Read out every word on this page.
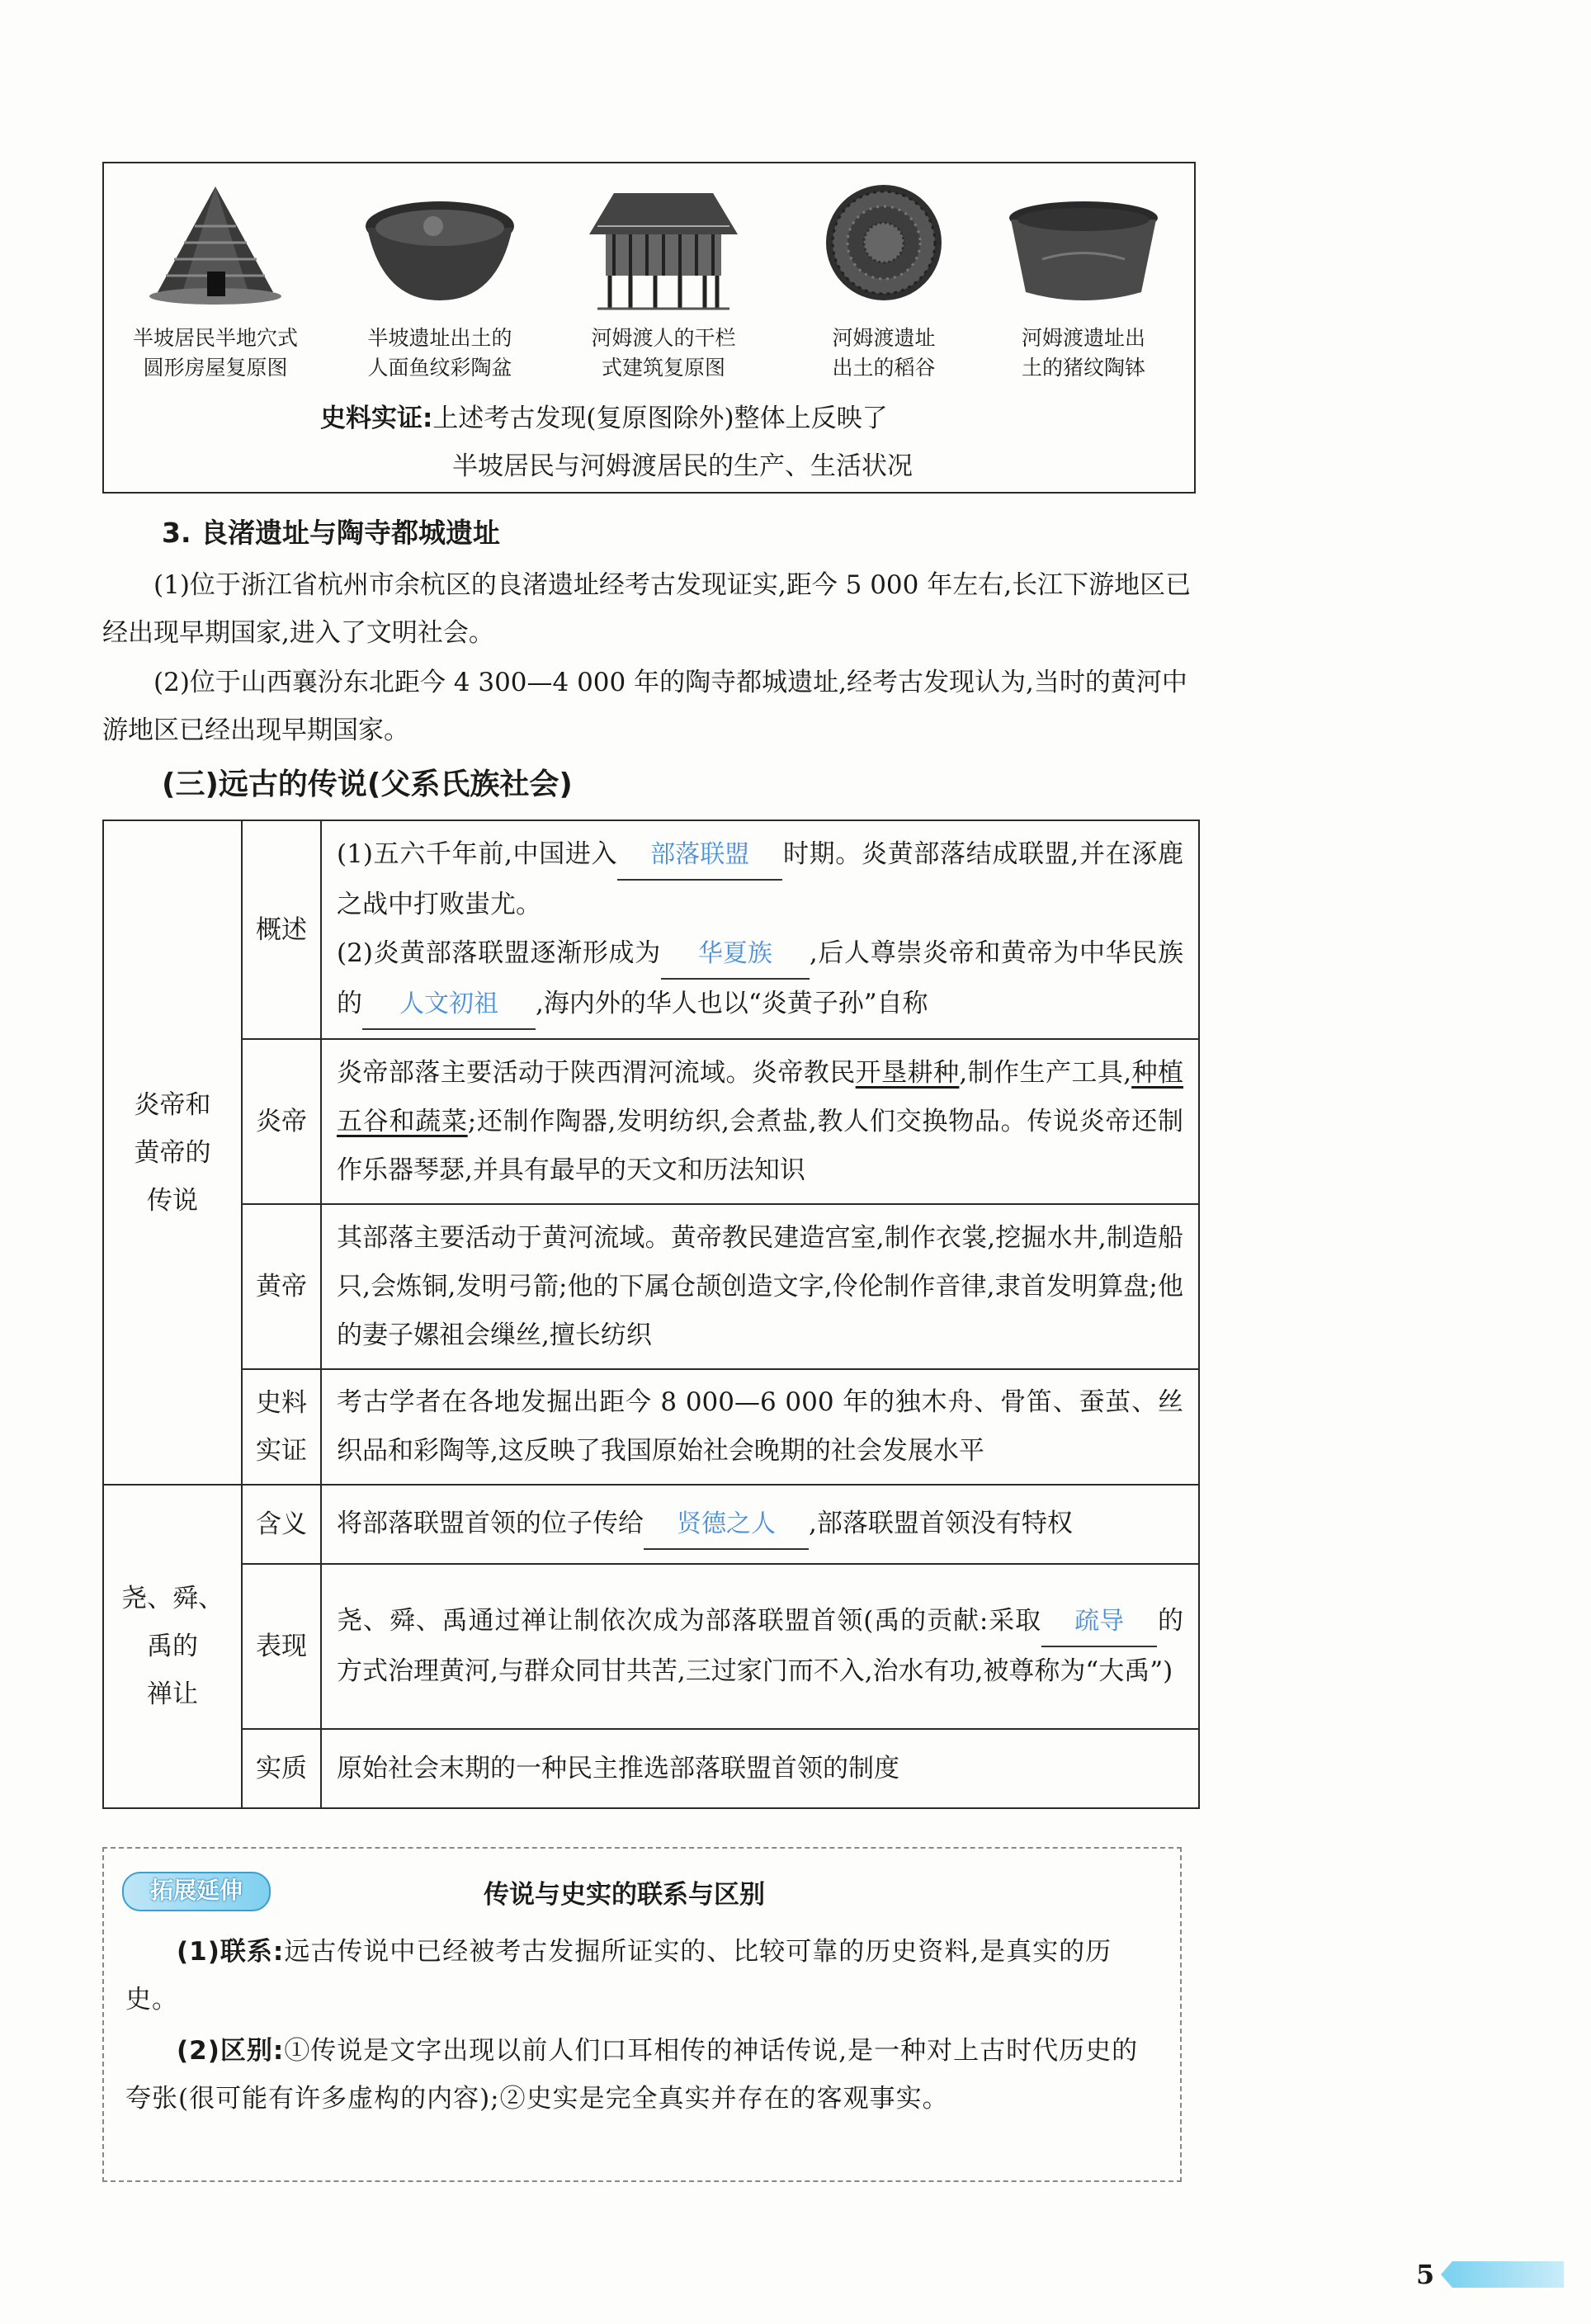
半坡居民半地穴式
圆形房屋复原图
半坡遗址出土的
人面鱼纹彩陶盆
河姆渡人的干栏
式建筑复原图
河姆渡遗址
出土的稻谷
河姆渡遗址出
土的猪纹陶钵
史料实证:上述考古发现(复原图除外)整体上反映了
半坡居民与河姆渡居民的生产、生活状况
3. 良渚遗址与陶寺都城遗址

(1)位于浙江省杭州市余杭区的良渚遗址经考古发现证实,距今 5 000 年左右,长江下游地区已经出现早期国家,进入了文明社会。

(2)位于山西襄汾东北距今 4 300—4 000 年的陶寺都城遗址,经考古发现认为,当时的黄河中游地区已经出现早期国家。

(三)远古的传说(父系氏族社会)
炎帝和
黄帝的
传说	概述	(1)五六千年前,中国进入 部落联盟 时期。炎黄部落结成联盟,并在涿鹿之战中打败蚩尤。
(2)炎黄部落联盟逐渐形成为 华夏族 ,后人尊崇炎帝和黄帝为中华民族的 人文初祖 ,海内外的华人也以“炎黄子孙”自称
	炎帝	炎帝部落主要活动于陕西渭河流域。炎帝教民开垦耕种,制作生产工具,种植五谷和蔬菜;还制作陶器,发明纺织,会煮盐,教人们交换物品。传说炎帝还制作乐器琴瑟,并具有最早的天文和历法知识
	黄帝	其部落主要活动于黄河流域。黄帝教民建造宫室,制作衣裳,挖掘水井,制造船只,会炼铜,发明弓箭;他的下属仓颉创造文字,伶伦制作音律,隶首发明算盘;他的妻子嫘祖会缫丝,擅长纺织
	史料
实证	考古学者在各地发掘出距今 8 000—6 000 年的独木舟、骨笛、蚕茧、丝织品和彩陶等,这反映了我国原始社会晚期的社会发展水平
尧、舜、
禹的
禅让	含义	将部落联盟首领的位子传给 贤德之人 ,部落联盟首领没有特权
	表现	尧、舜、禹通过禅让制依次成为部落联盟首领(禹的贡献:采取 疏导 的方式治理黄河,与群众同甘共苦,三过家门而不入,治水有功,被尊称为“大禹”)
	实质	原始社会末期的一种民主推选部落联盟首领的制度
拓展延伸	传说与史实的联系与区别

(1)联系:远古传说中已经被考古发掘所证实的、比较可靠的历史资料,是真实的历史。

(2)区别:①传说是文字出现以前人们口耳相传的神话传说,是一种对上古时代历史的夸张(很可能有许多虚构的内容);②史实是完全真实并存在的客观事实。

5
